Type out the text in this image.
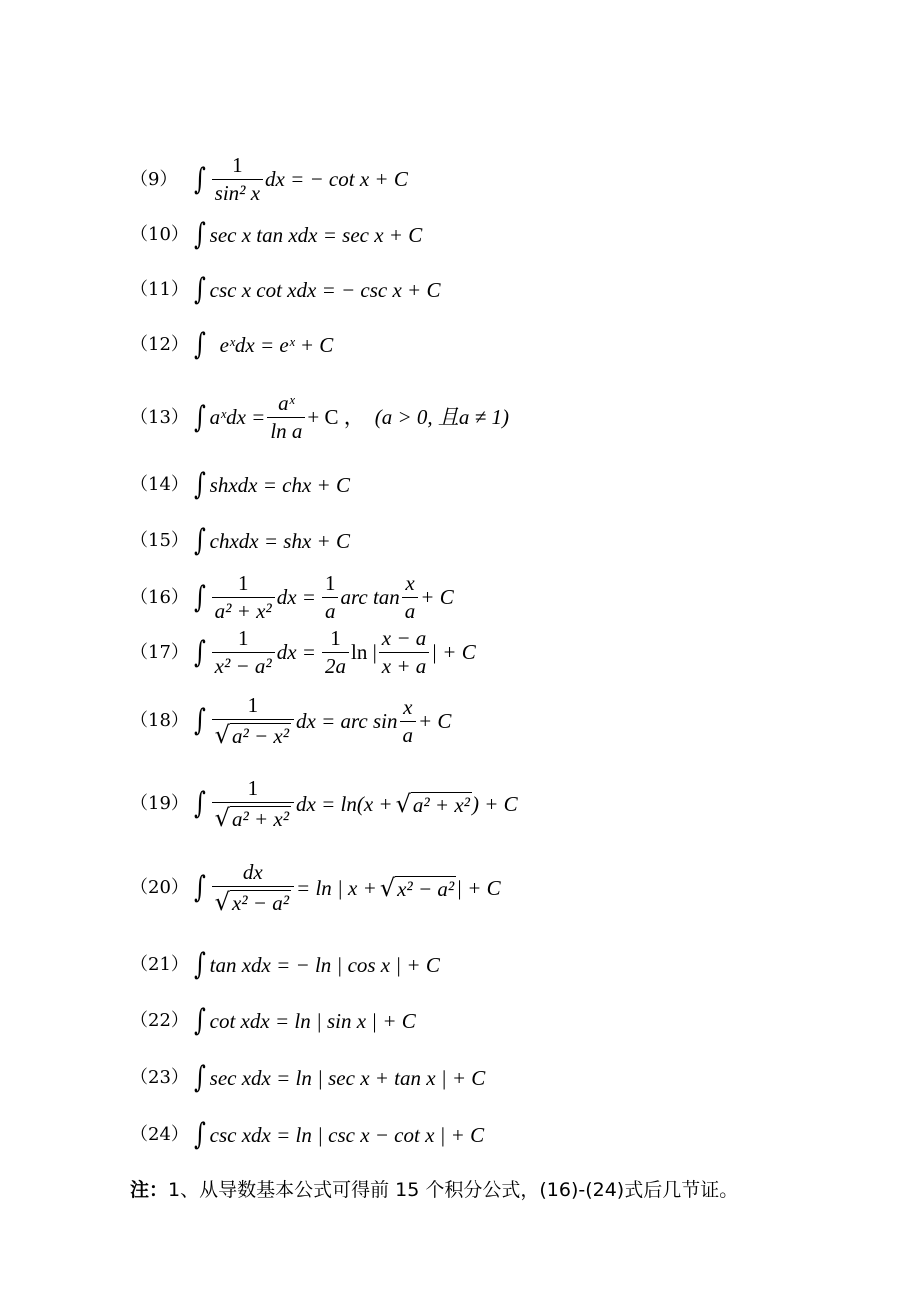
（9） ∫ $\frac{1}{\text{sin² x}}$ dx = − cot x + C
（10） ∫ sec x tan xdx = sec x + C
（11） ∫ csc x cot xdx = − csc x + C
（12） ∫ eˣdx = eˣ + C
（13） ∫ aˣdx = $\frac{\text{aˣ}}{\text{ln a}} + C$ ， (a > 0, 且a ≠ 1)
（14） ∫ shxdx = chx + C
（15） ∫ chxdx = shx + C
（16） ∫ $\frac{1}{\text{a² + x²}}$ dx = $\frac{1}{a}$ arc $\tan \frac{x}{a} + C$
（17） ∫ $\frac{1}{\text{x² − a²}}$ dx = $\frac{1}{2a}$ ln | $\frac{x - a}{x + a}$ | + C
（18） ∫ $\frac{1}{\text{√ a² − x²}}$ dx = arc $\sin \frac{x}{a} + C$
（19） ∫ $\frac{1}{\text{√ a² + x²}}$ dx = ln(x + √ a² + x² ) + C
（20） ∫ $\frac{dx}{\text{√ x² − a²}} = \ln$ | x + √ x² − a² | + C
（21） ∫ tan xdx = − ln | cos x | + C
（22） ∫ cot xdx = ln | sin x | + C
（23） ∫ sec xdx = ln | sec x + tan x | + C
（24） ∫ csc xdx = ln | csc x − cot x | + C
注：1、从导数基本公式可得前 15 个积分公式，(16)-(24)式后几节证。
